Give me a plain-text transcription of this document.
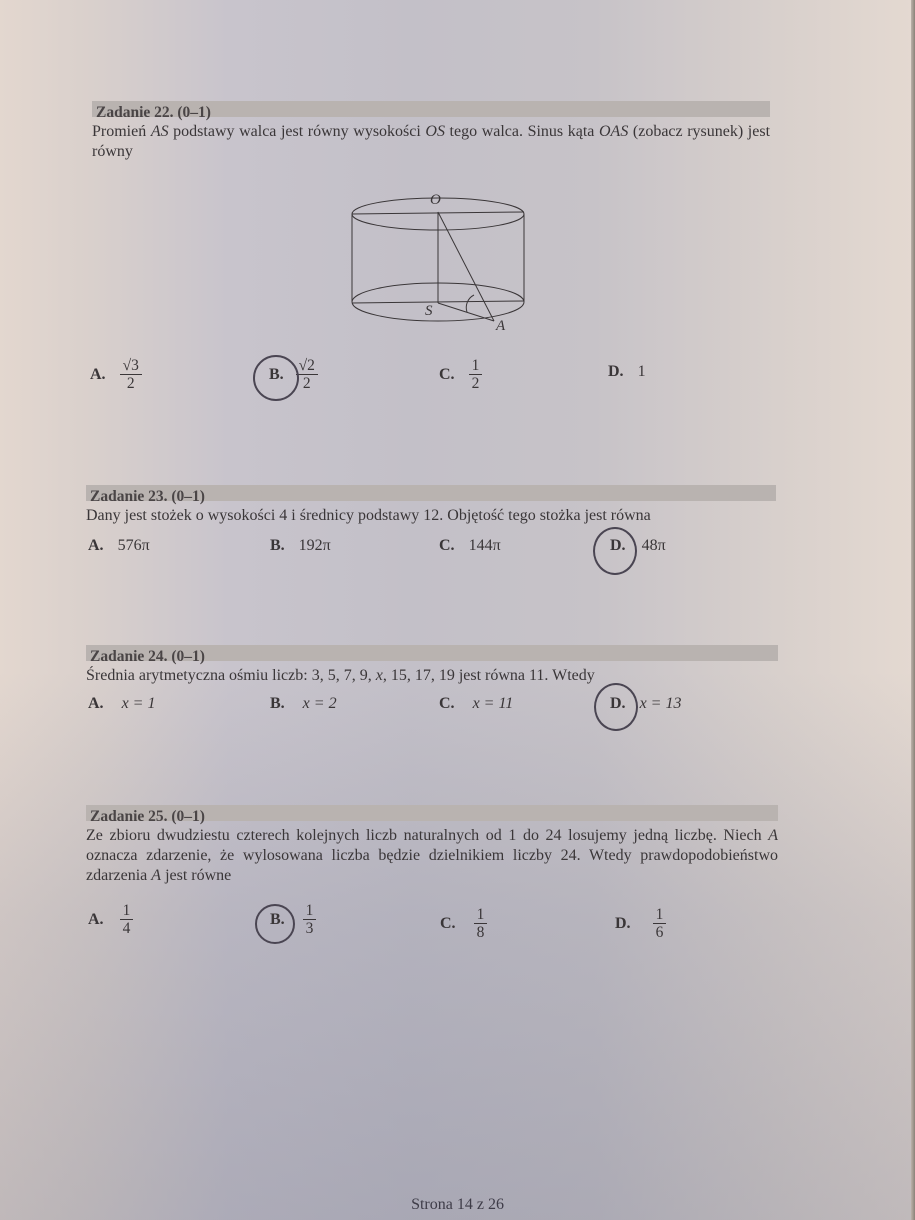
Zadanie 22. (0–1)
Promień AS podstawy walca jest równy wysokości OS tego walca. Sinus kąta OAS (zobacz rysunek) jest równy
O
S
A
A. $\frac{√3}{2}$	B. $\frac{√2}{2}$	C. $\frac{1}{2}$	D. 1
Zadanie 23. (0–1)
Dany jest stożek o wysokości 4 i średnicy podstawy 12. Objętość tego stożka jest równa
A. 576π	B. 192π	C. 144π	D. 48π
Zadanie 24. (0–1)
Średnia arytmetyczna ośmiu liczb: 3, 5, 7, 9, x, 15, 17, 19 jest równa 11. Wtedy
A. x = 1	B. x = 2	C. x = 11	D. x = 13
Zadanie 25. (0–1)
Ze zbioru dwudziestu czterech kolejnych liczb naturalnych od 1 do 24 losujemy jedną liczbę. Niech A oznacza zdarzenie, że wylosowana liczba będzie dzielnikiem liczby 24. Wtedy prawdopodobieństwo zdarzenia A jest równe
A. $\frac{1}{4}$	B. $\frac{1}{3}$	C. $\frac{1}{8}$	D. $\frac{1}{6}$
Strona 14 z 26
